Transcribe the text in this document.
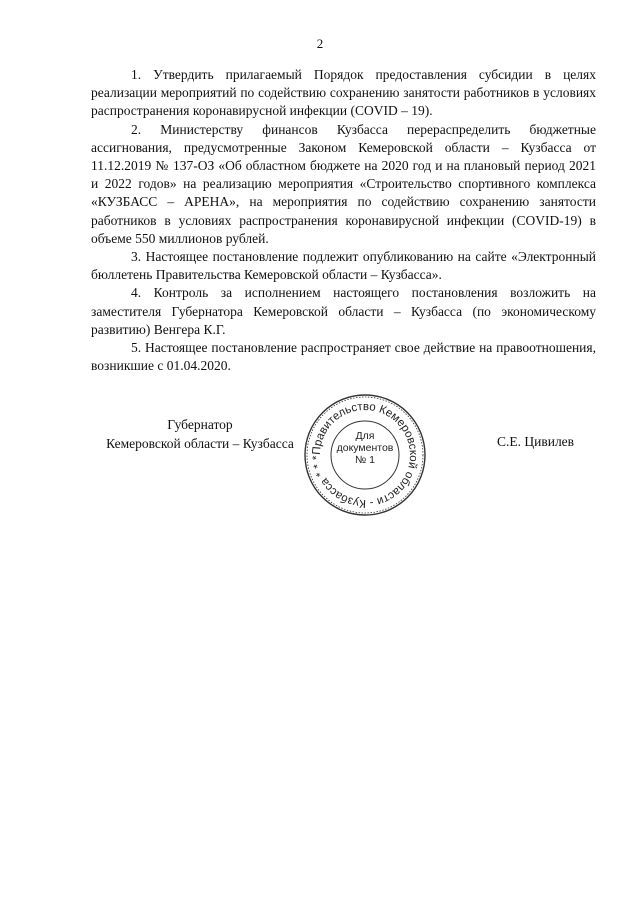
2

1. Утвердить прилагаемый Порядок предоставления субсидии в целях реализации мероприятий по содействию сохранению занятости работников в условиях распространения коронавирусной инфекции (COVID – 19).

2. Министерству финансов Кузбасса перераспределить бюджетные ассигнования, предусмотренные Законом Кемеровской области – Кузбасса от 11.12.2019 № 137-ОЗ «Об областном бюджете на 2020 год и на плановый период 2021 и 2022 годов» на реализацию мероприятия «Строительство спортивного комплекса «КУЗБАСС – АРЕНА», на мероприятия по содействию сохранению занятости работников в условиях распространения коронавирусной инфекции (COVID-19) в объеме 550 миллионов рублей.

3. Настоящее постановление подлежит опубликованию на сайте «Электронный бюллетень Правительства Кемеровской области – Кузбасса».

4. Контроль за исполнением настоящего постановления возложить на заместителя Губернатора Кемеровской области – Кузбасса (по экономическому развитию) Венгера К.Г.

5. Настоящее постановление распространяет свое действие на правоотношения, возникшие с 01.04.2020.

Губернатор
Кемеровской области – Кузбасса
Правительство Кемеровской области - Кузбасса * * *
Для
документов
№ 1
С.Е. Цивилев
